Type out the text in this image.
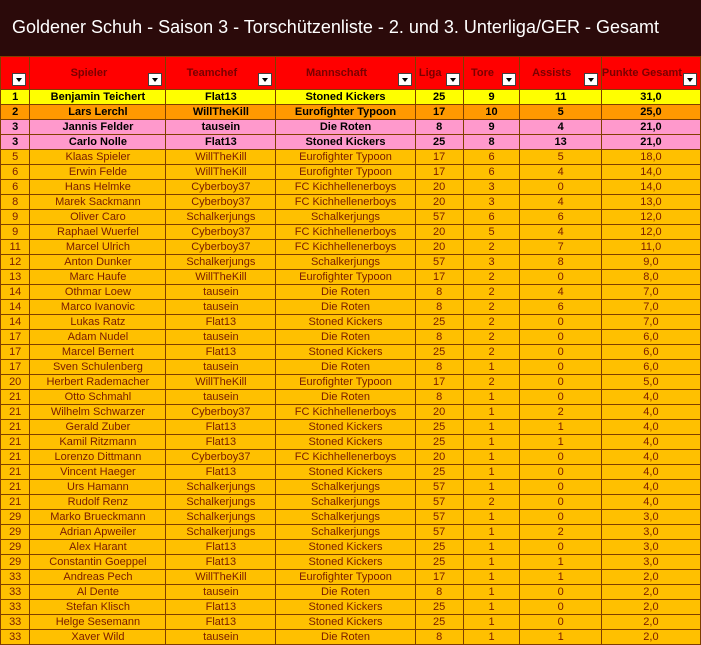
Goldener Schuh - Saison 3 - Torschützenliste - 2. und 3. Unterliga/GER - Gesamt

	Spieler	Teamchef	Mannschaft	Liga	Tore	Assists	Punkte Gesamt

1	Benjamin Teichert	Flat13	Stoned Kickers	25	9	11	31,0
2	Lars Lerchl	WillTheKill	Eurofighter Typoon	17	10	5	25,0
3	Jannis Felder	tausein	Die Roten	8	9	4	21,0
3	Carlo Nolle	Flat13	Stoned Kickers	25	8	13	21,0
5	Klaas Spieler	WillTheKill	Eurofighter Typoon	17	6	5	18,0
6	Erwin Felde	WillTheKill	Eurofighter Typoon	17	6	4	14,0
6	Hans Helmke	Cyberboy37	FC Kichhellenerboys	20	3	0	14,0
8	Marek Sackmann	Cyberboy37	FC Kichhellenerboys	20	3	4	13,0
9	Oliver Caro	Schalkerjungs	Schalkerjungs	57	6	6	12,0
9	Raphael Wuerfel	Cyberboy37	FC Kichhellenerboys	20	5	4	12,0
11	Marcel Ulrich	Cyberboy37	FC Kichhellenerboys	20	2	7	11,0
12	Anton Dunker	Schalkerjungs	Schalkerjungs	57	3	8	9,0
13	Marc Haufe	WillTheKill	Eurofighter Typoon	17	2	0	8,0
14	Othmar Loew	tausein	Die Roten	8	2	4	7,0
14	Marco Ivanovic	tausein	Die Roten	8	2	6	7,0
14	Lukas Ratz	Flat13	Stoned Kickers	25	2	0	7,0
17	Adam Nudel	tausein	Die Roten	8	2	0	6,0
17	Marcel Bernert	Flat13	Stoned Kickers	25	2	0	6,0
17	Sven Schulenberg	tausein	Die Roten	8	1	0	6,0
20	Herbert Rademacher	WillTheKill	Eurofighter Typoon	17	2	0	5,0
21	Otto Schmahl	tausein	Die Roten	8	1	0	4,0
21	Wilhelm Schwarzer	Cyberboy37	FC Kichhellenerboys	20	1	2	4,0
21	Gerald Zuber	Flat13	Stoned Kickers	25	1	1	4,0
21	Kamil Ritzmann	Flat13	Stoned Kickers	25	1	1	4,0
21	Lorenzo Dittmann	Cyberboy37	FC Kichhellenerboys	20	1	0	4,0
21	Vincent Haeger	Flat13	Stoned Kickers	25	1	0	4,0
21	Urs Hamann	Schalkerjungs	Schalkerjungs	57	1	0	4,0
21	Rudolf Renz	Schalkerjungs	Schalkerjungs	57	2	0	4,0
29	Marko Brueckmann	Schalkerjungs	Schalkerjungs	57	1	0	3,0
29	Adrian Apweiler	Schalkerjungs	Schalkerjungs	57	1	2	3,0
29	Alex Harant	Flat13	Stoned Kickers	25	1	0	3,0
29	Constantin Goeppel	Flat13	Stoned Kickers	25	1	1	3,0
33	Andreas Pech	WillTheKill	Eurofighter Typoon	17	1	1	2,0
33	Al Dente	tausein	Die Roten	8	1	0	2,0
33	Stefan Klisch	Flat13	Stoned Kickers	25	1	0	2,0
33	Helge Sesemann	Flat13	Stoned Kickers	25	1	0	2,0
33	Xaver Wild	tausein	Die Roten	8	1	1	2,0
